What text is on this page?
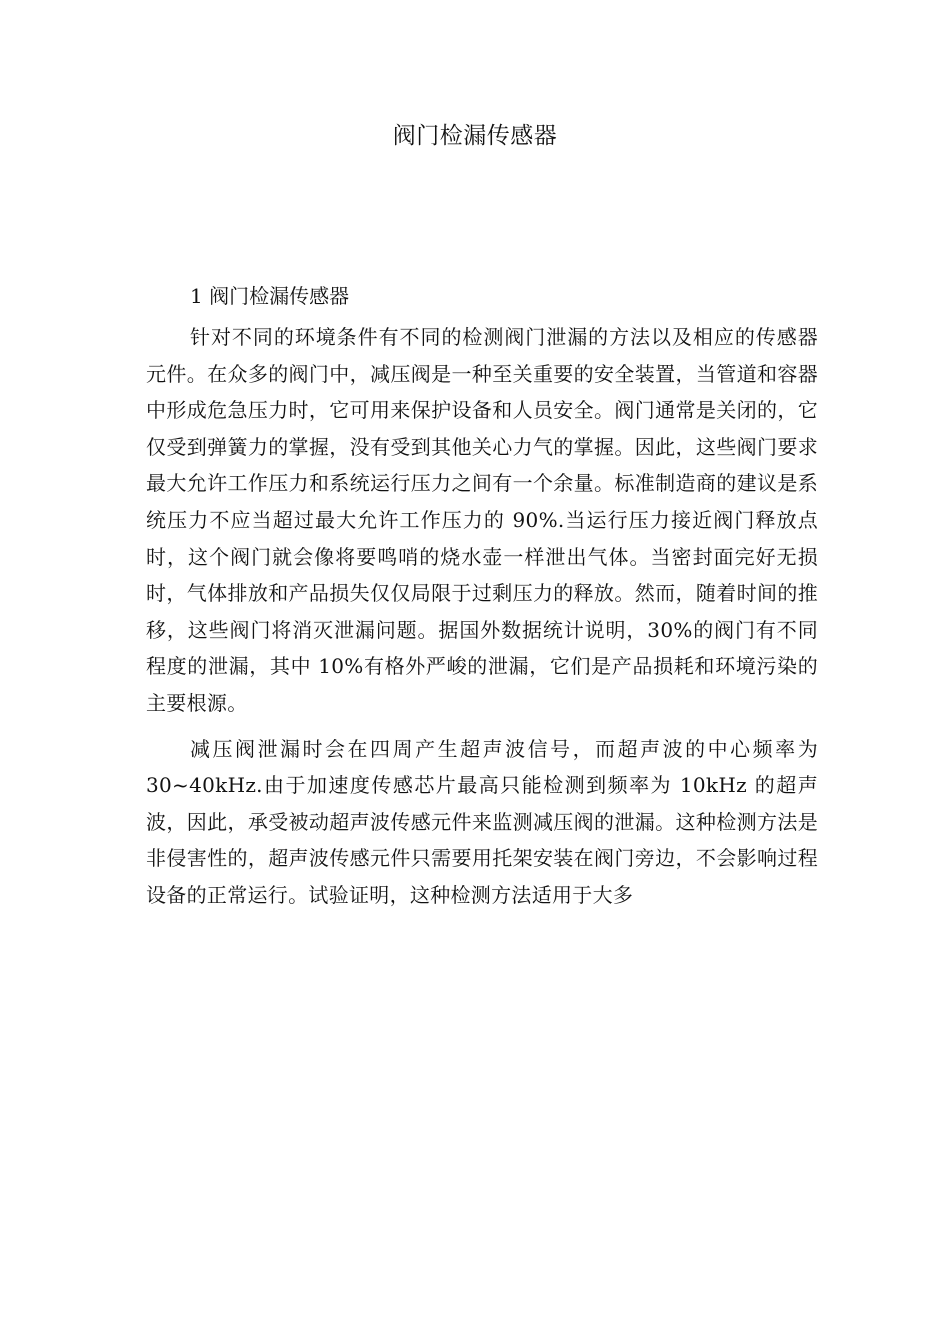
阀门检漏传感器

1 阀门检漏传感器

针对不同的环境条件有不同的检测阀门泄漏的方法以及相应的传感器元件。在众多的阀门中，减压阀是一种至关重要的安全装置，当管道和容器中形成危急压力时，它可用来保护设备和人员安全。阀门通常是关闭的，它仅受到弹簧力的掌握，没有受到其他关心力气的掌握。因此，这些阀门要求最大允许工作压力和系统运行压力之间有一个余量。标准制造商的建议是系统压力不应当超过最大允许工作压力的 90%.当运行压力接近阀门释放点时，这个阀门就会像将要鸣哨的烧水壶一样泄出气体。当密封面完好无损时，气体排放和产品损失仅仅局限于过剩压力的释放。然而，随着时间的推移，这些阀门将消灭泄漏问题。据国外数据统计说明，30%的阀门有不同程度的泄漏，其中 10%有格外严峻的泄漏，它们是产品损耗和环境污染的主要根源。

减压阀泄漏时会在四周产生超声波信号，而超声波的中心频率为 30~40kHz.由于加速度传感芯片最高只能检测到频率为 10kHz 的超声波，因此，承受被动超声波传感元件来监测减压阀的泄漏。这种检测方法是非侵害性的，超声波传感元件只需要用托架安装在阀门旁边，不会影响过程设备的正常运行。试验证明，这种检测方法适用于大多
